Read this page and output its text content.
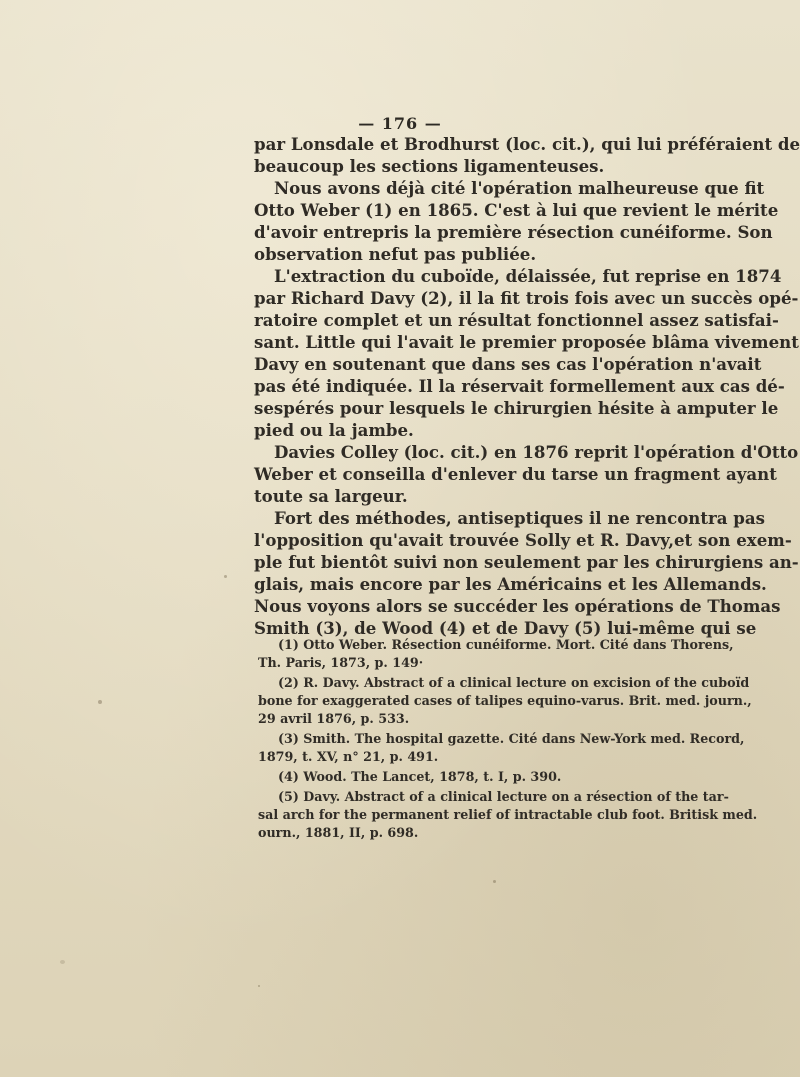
— 176 —
par Lonsdale et Brodhurst (loc. cit.), qui lui préféraient de
beaucoup les sections ligamenteuses.
Nous avons déjà cité l'opération malheureuse que fit
Otto Weber (1) en 1865. C'est à lui que revient le mérite
d'avoir entrepris la première résection cunéiforme. Son
observation nefut pas publiée.
L'extraction du cuboïde, délaissée, fut reprise en 1874
par Richard Davy (2), il la fit trois fois avec un succès opé-
ratoire complet et un résultat fonctionnel assez satisfai-
sant. Little qui l'avait le premier proposée blâma vivement
Davy en soutenant que dans ses cas l'opération n'avait
pas été indiquée. Il la réservait formellement aux cas dé-
sespérés pour lesquels le chirurgien hésite à amputer le
pied ou la jambe.
Davies Colley (loc. cit.) en 1876 reprit l'opération d'Otto
Weber et conseilla d'enlever du tarse un fragment ayant
toute sa largeur.
Fort des méthodes, antiseptiques il ne rencontra pas
l'opposition qu'avait trouvée Solly et R. Davy,et son exem-
ple fut bientôt suivi non seulement par les chirurgiens an-
glais, mais encore par les Américains et les Allemands.
Nous voyons alors se succéder les opérations de Thomas
Smith (3), de Wood (4) et de Davy (5) lui-même qui se
(1) Otto Weber. Résection cunéiforme. Mort. Cité dans Thorens,
Th. Paris, 1873, p. 149·
(2) R. Davy. Abstract of a clinical lecture on excision of the cuboïd
bone for exaggerated cases of talipes equino-varus. Brit. med. journ.,
29 avril 1876, p. 533.
(3) Smith. The hospital gazette. Cité dans New-York med. Record,
1879, t. XV, n° 21, p. 491.
(4) Wood. The Lancet, 1878, t. I, p. 390.
(5) Davy. Abstract of a clinical lecture on a résection of the tar-
sal arch for the permanent relief of intractable club foot. Britisk med.
ourn., 1881, II, p. 698.
